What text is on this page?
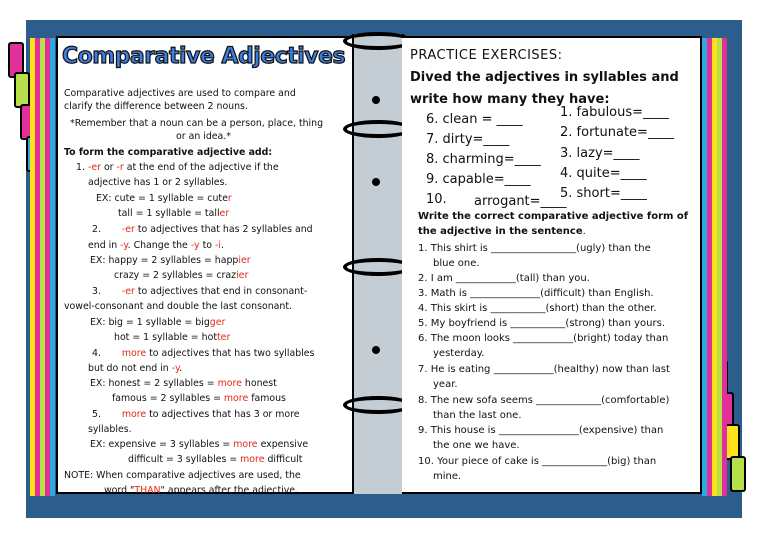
Comparative Adjectives
Comparative adjectives are used to compare and
clarify the difference between 2 nouns.
*Remember that a noun can be a person, place, thing
or an idea.*
To form the comparative adjective add:
1. -er or -r at the end of the adjective if the
adjective has 1 or 2 syllables.
EX: cute = 1 syllable = cuter
tall = 1 syllable = taller
2. -er to adjectives that has 2 syllables and
end in -y. Change the -y to -i.
EX: happy = 2 syllables = happier
crazy = 2 syllables = crazier
3. -er to adjectives that end in consonant-
vowel-consonant and double the last consonant.
EX: big = 1 syllable = bigger
hot = 1 syllable = hotter
4. more to adjectives that has two syllables
but do not end in -y.
EX: honest = 2 syllables = more honest
famous = 2 syllables = more famous
5. more to adjectives that has 3 or more
syllables.
EX: expensive = 3 syllables = more expensive
difficult = 3 syllables = more difficult
NOTE: When comparative adjectives are used, the
word "THAN" appears after the adjective.
PRACTICE EXERCISES:
Dived the adjectives in syllables and
write how many they have:
6. clean = ____
7. dirty=____
8. charming=____
9. capable=____
10. arrogant=____
1. fabulous=____
2. fortunate=____
3. lazy=____
4. quite=____
5. short=____
Write the correct comparative adjective form of
the adjective in the sentence.
1. This shirt is _________________(ugly) than the
blue one.
2. I am ____________(tall) than you.
3. Math is ______________(difficult) than English.
4. This skirt is ___________(short) than the other.
5. My boyfriend is ___________(strong) than yours.
6. The moon looks ____________(bright) today than
yesterday.
7. He is eating ____________(healthy) now than last
year.
8. The new sofa seems _____________(comfortable)
than the last one.
9. This house is ________________(expensive) than
the one we have.
10. Your piece of cake is _____________(big) than
mine.
